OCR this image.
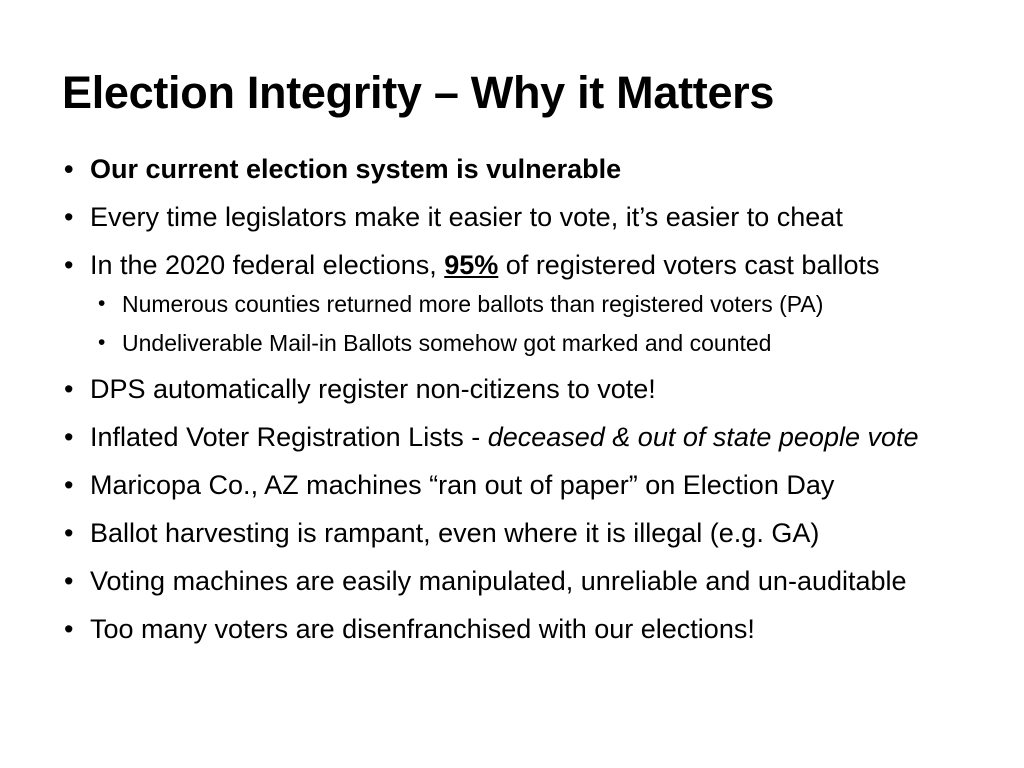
Election Integrity – Why it Matters
• Our current election system is vulnerable
• Every time legislators make it easier to vote, it’s easier to cheat
• In the 2020 federal elections, 95% of registered voters cast ballots
• Numerous counties returned more ballots than registered voters (PA)
• Undeliverable Mail-in Ballots somehow got marked and counted
• DPS automatically register non-citizens to vote!
• Inflated Voter Registration Lists - deceased & out of state people vote
• Maricopa Co., AZ machines “ran out of paper” on Election Day
• Ballot harvesting is rampant, even where it is illegal (e.g. GA)
• Voting machines are easily manipulated, unreliable and un-auditable
• Too many voters are disenfranchised with our elections!
